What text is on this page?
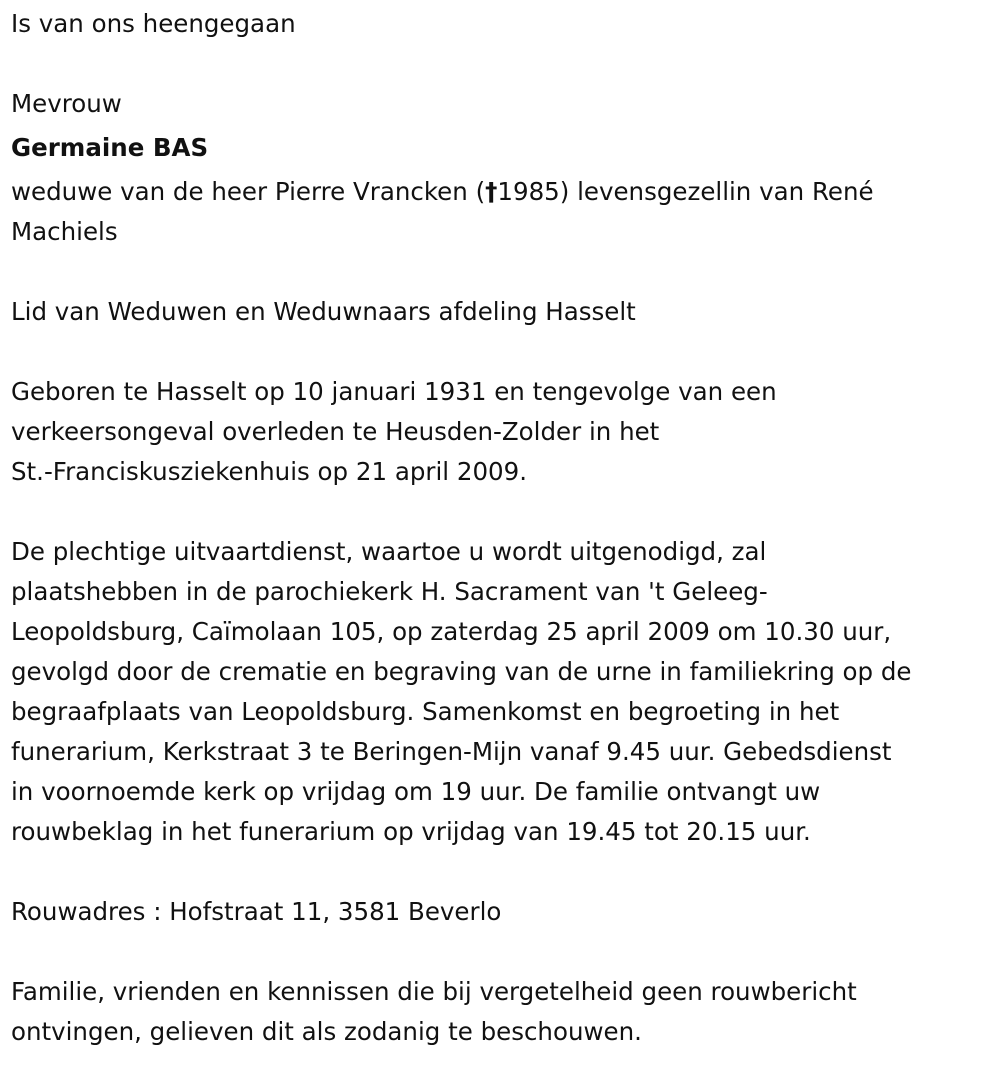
Is van ons heengegaan
Mevrouw
Germaine BAS
weduwe van de heer Pierre Vrancken (†1985) levensgezellin van René
Machiels
Lid van Weduwen en Weduwnaars afdeling Hasselt
Geboren te Hasselt op 10 januari 1931 en tengevolge van een
verkeersongeval overleden te Heusden-Zolder in het
St.-Franciskusziekenhuis op 21 april 2009.
De plechtige uitvaartdienst, waartoe u wordt uitgenodigd, zal
plaatshebben in de parochiekerk H. Sacrament van 't Geleeg-
Leopoldsburg, Caïmolaan 105, op zaterdag 25 april 2009 om 10.30 uur,
gevolgd door de crematie en begraving van de urne in familiekring op de
begraafplaats van Leopoldsburg. Samenkomst en begroeting in het
funerarium, Kerkstraat 3 te Beringen-Mijn vanaf 9.45 uur. Gebedsdienst
in voornoemde kerk op vrijdag om 19 uur. De familie ontvangt uw
rouwbeklag in het funerarium op vrijdag van 19.45 tot 20.15 uur.
Rouwadres : Hofstraat 11, 3581 Beverlo
Familie, vrienden en kennissen die bij vergetelheid geen rouwbericht
ontvingen, gelieven dit als zodanig te beschouwen.
